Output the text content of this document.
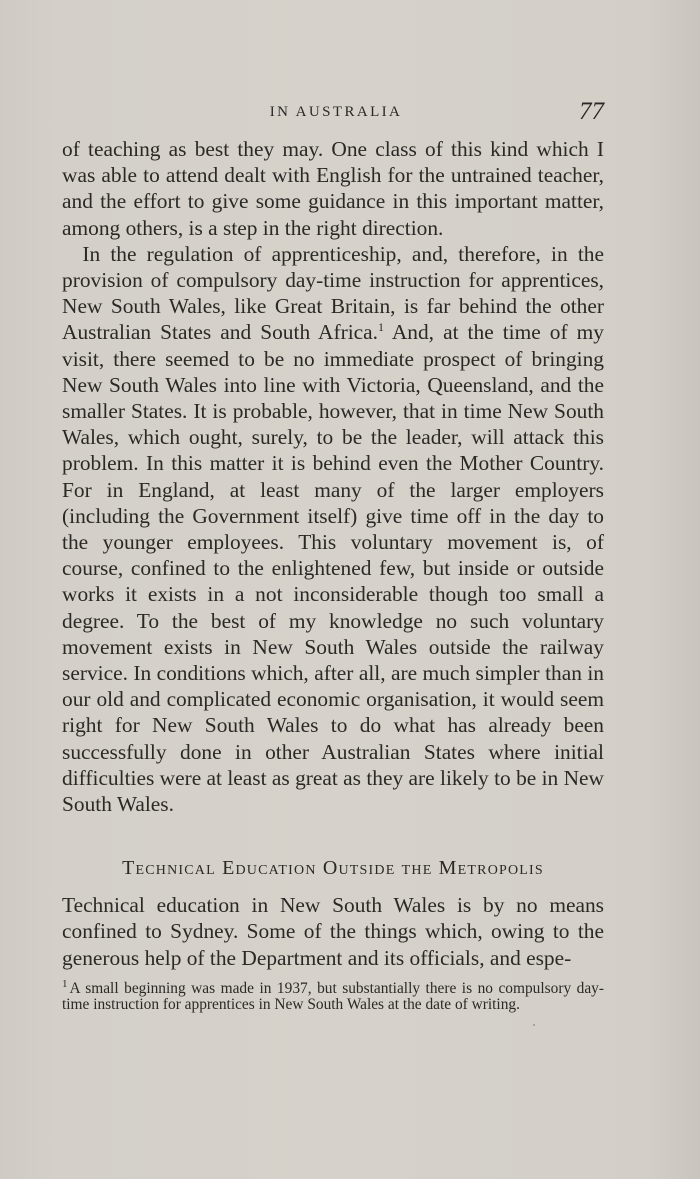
IN AUSTRALIA	77

of teaching as best they may. One class of this kind which I was able to attend dealt with English for the untrained teacher, and the effort to give some guidance in this important matter, among others, is a step in the right direction.

In the regulation of apprenticeship, and, therefore, in the provision of compulsory day-time instruction for apprentices, New South Wales, like Great Britain, is far behind the other Australian States and South Africa.$^1$ And, at the time of my visit, there seemed to be no immediate prospect of bringing New South Wales into line with Victoria, Queensland, and the smaller States. It is probable, however, that in time New South Wales, which ought, surely, to be the leader, will attack this problem. In this matter it is behind even the Mother Country. For in England, at least many of the larger employers (including the Government itself) give time off in the day to the younger employees. This voluntary movement is, of course, confined to the enlightened few, but inside or outside works it exists in a not inconsiderable though too small a degree. To the best of my knowledge no such voluntary movement exists in New South Wales outside the railway service. In conditions which, after all, are much simpler than in our old and complicated economic organisation, it would seem right for New South Wales to do what has already been successfully done in other Australian States where initial difficulties were at least as great as they are likely to be in New South Wales.

Technical Education Outside the Metropolis

Technical education in New South Wales is by no means confined to Sydney. Some of the things which, owing to the generous help of the Department and its officials, and espe-

$^1$ A small beginning was made in 1937, but substantially there is no compulsory day-time instruction for apprentices in New South Wales at the date of writing.
